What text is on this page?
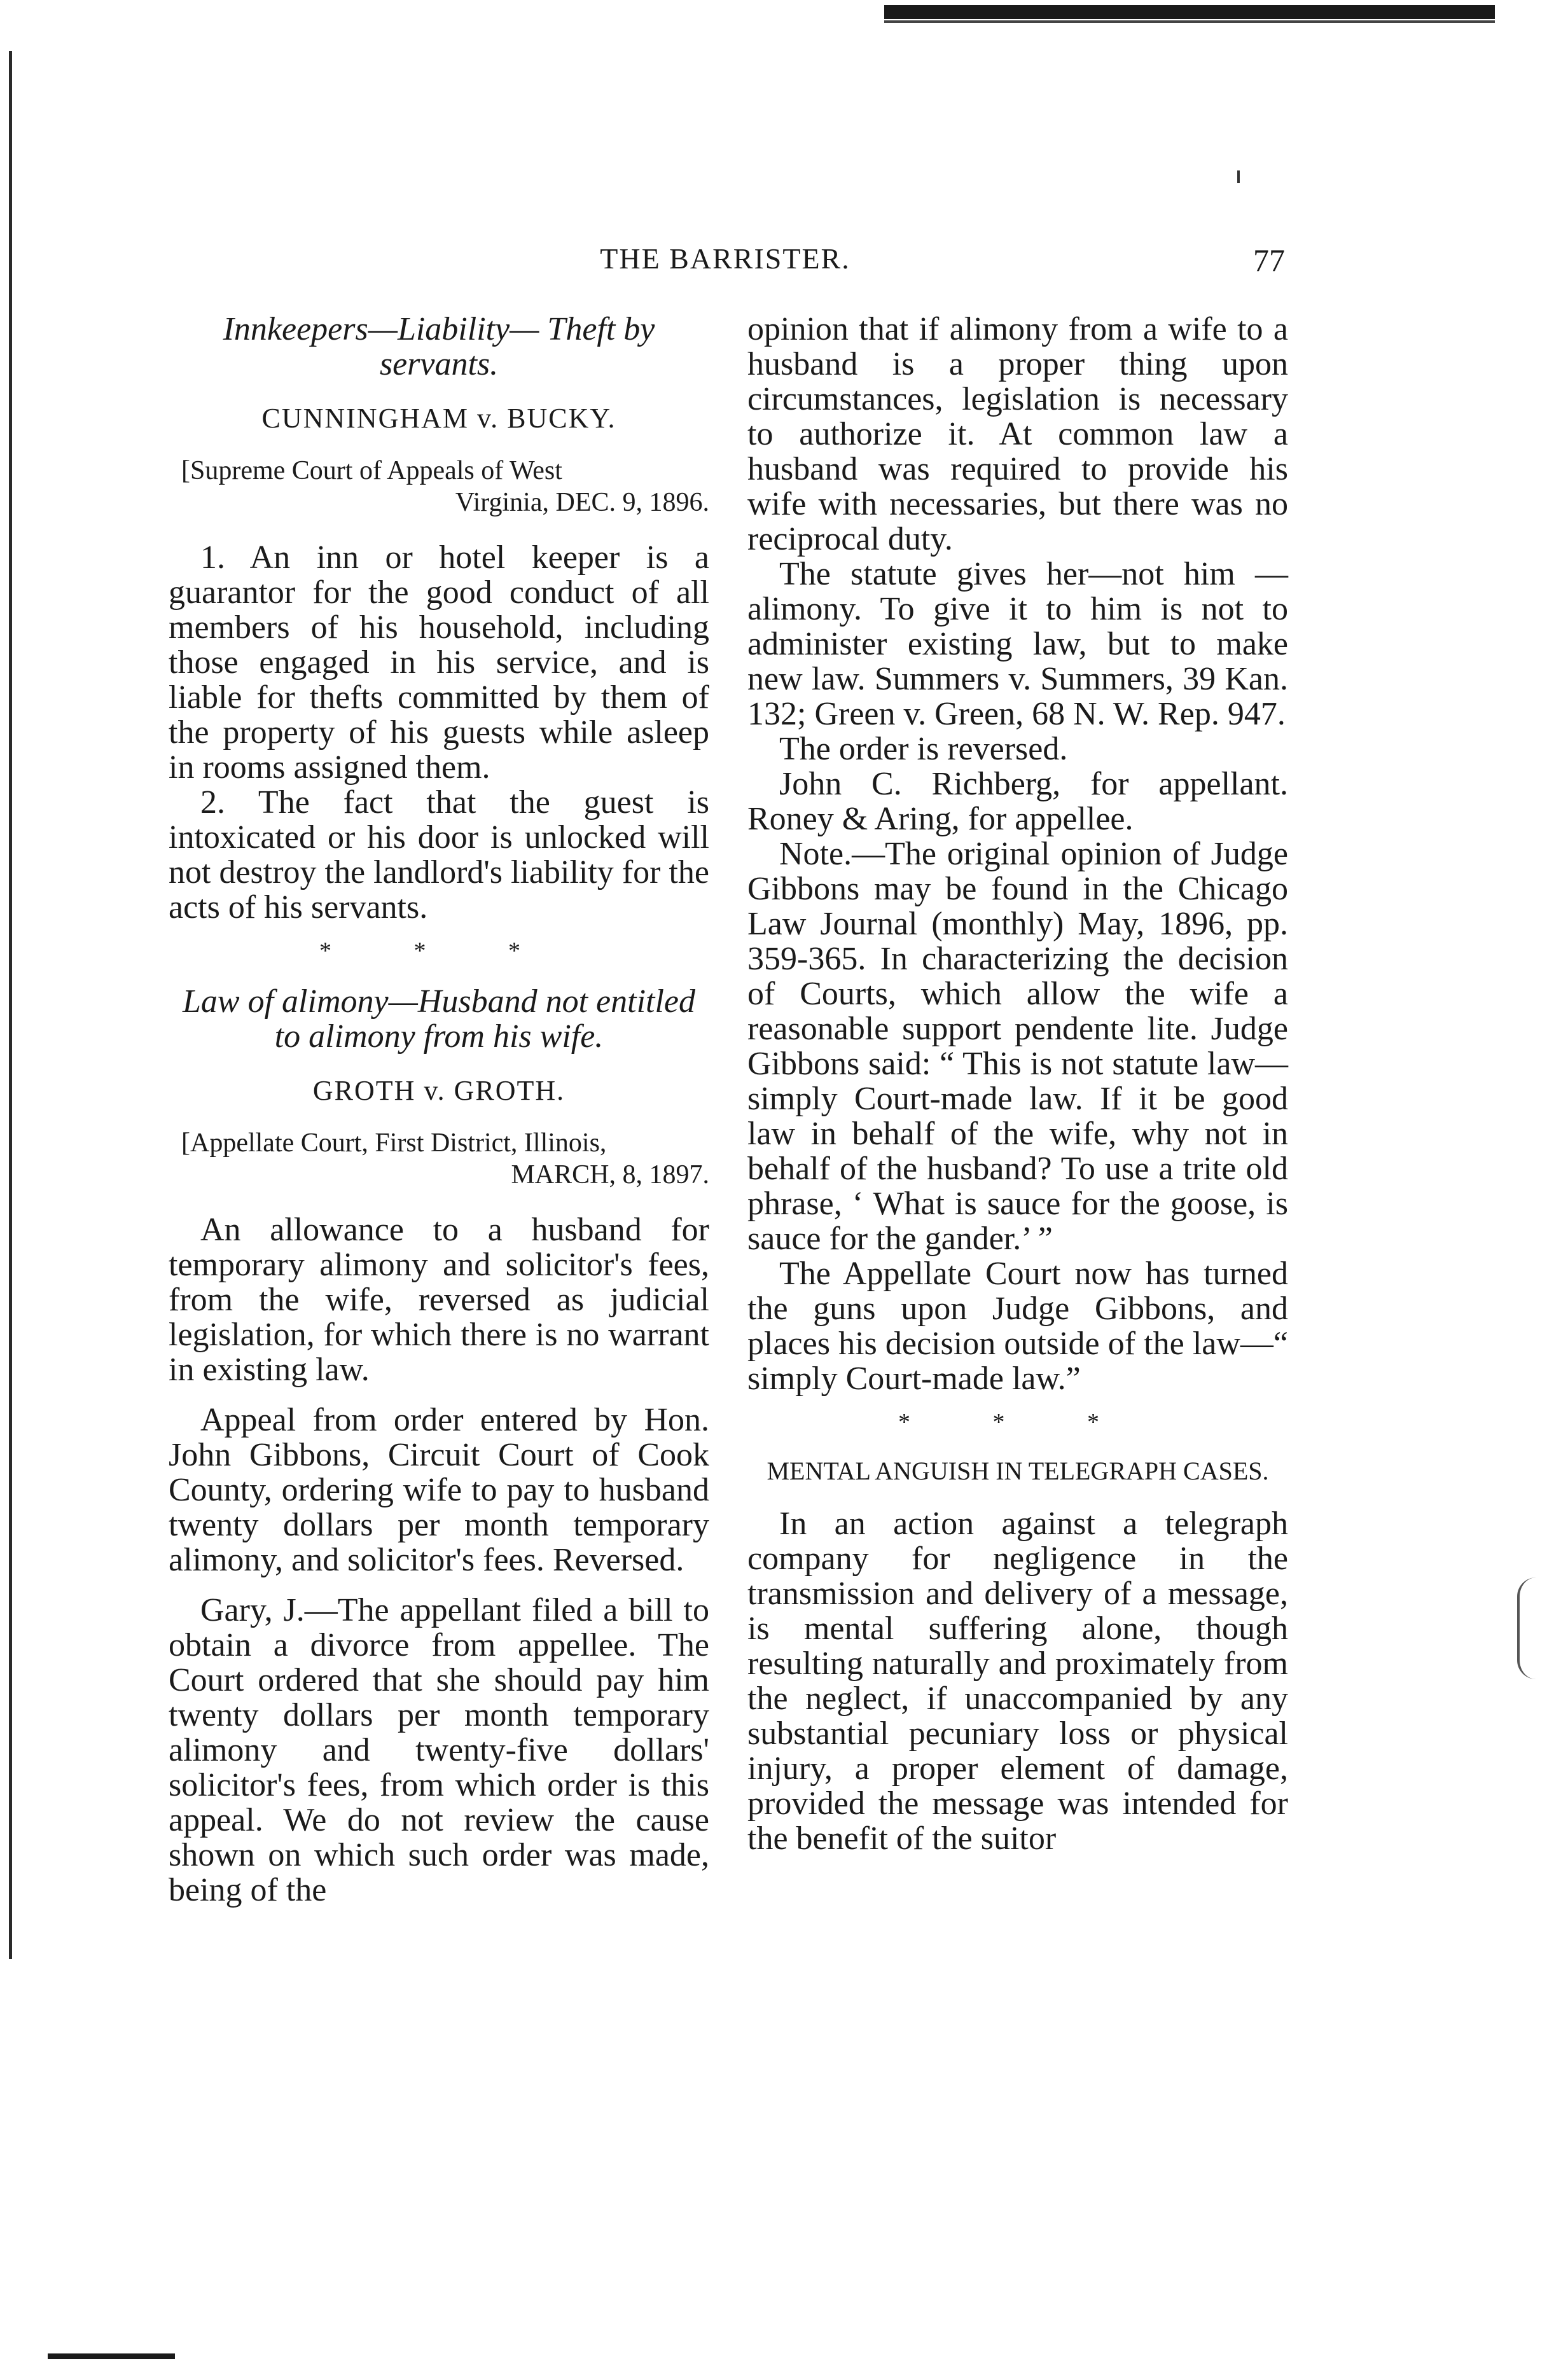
THE BARRISTER.	77

Innkeepers—Liability— Theft by servants.

CUNNINGHAM v. BUCKY.

[Supreme Court of Appeals of West
Virginia, DEC. 9, 1896.

1. An inn or hotel keeper is a guarantor for the good conduct of all members of his household, including those engaged in his service, and is liable for thefts committed by them of the property of his guests while asleep in rooms assigned them.

2. The fact that the guest is intoxicated or his door is unlocked will not destroy the landlord's liability for the acts of his servants.

* * *

Law of alimony—Husband not entitled to alimony from his wife.

GROTH v. GROTH.

[Appellate Court, First District, Illinois,
MARCH, 8, 1897.

An allowance to a husband for temporary alimony and solicitor's fees, from the wife, reversed as judicial legislation, for which there is no warrant in existing law.

Appeal from order entered by Hon. John Gibbons, Circuit Court of Cook County, ordering wife to pay to husband twenty dollars per month temporary alimony, and solicitor's fees. Reversed.

Gary, J.—The appellant filed a bill to obtain a divorce from appellee. The Court ordered that she should pay him twenty dollars per month temporary alimony and twenty-five dollars' solicitor's fees, from which order is this appeal. We do not review the cause shown on which such order was made, being of the

opinion that if alimony from a wife to a husband is a proper thing upon circumstances, legislation is necessary to authorize it. At common law a husband was required to provide his wife with necessaries, but there was no reciprocal duty.

The statute gives her—not him —alimony. To give it to him is not to administer existing law, but to make new law. Summers v. Summers, 39 Kan. 132; Green v. Green, 68 N. W. Rep. 947.

The order is reversed.

John C. Richberg, for appellant. Roney & Aring, for appellee.

Note.—The original opinion of Judge Gibbons may be found in the Chicago Law Journal (monthly) May, 1896, pp. 359-365. In characterizing the decision of Courts, which allow the wife a reasonable support pendente lite. Judge Gibbons said: “ This is not statute law—simply Court-made law. If it be good law in behalf of the wife, why not in behalf of the husband? To use a trite old phrase, ‘ What is sauce for the goose, is sauce for the gander.’ ”

The Appellate Court now has turned the guns upon Judge Gibbons, and places his decision outside of the law—“ simply Court-made law.”

* * *

MENTAL ANGUISH IN TELEGRAPH CASES.

In an action against a telegraph company for negligence in the transmission and delivery of a message, is mental suffering alone, though resulting naturally and proximately from the neglect, if unaccompanied by any substantial pecuniary loss or physical injury, a proper element of damage, provided the message was intended for the benefit of the suitor
